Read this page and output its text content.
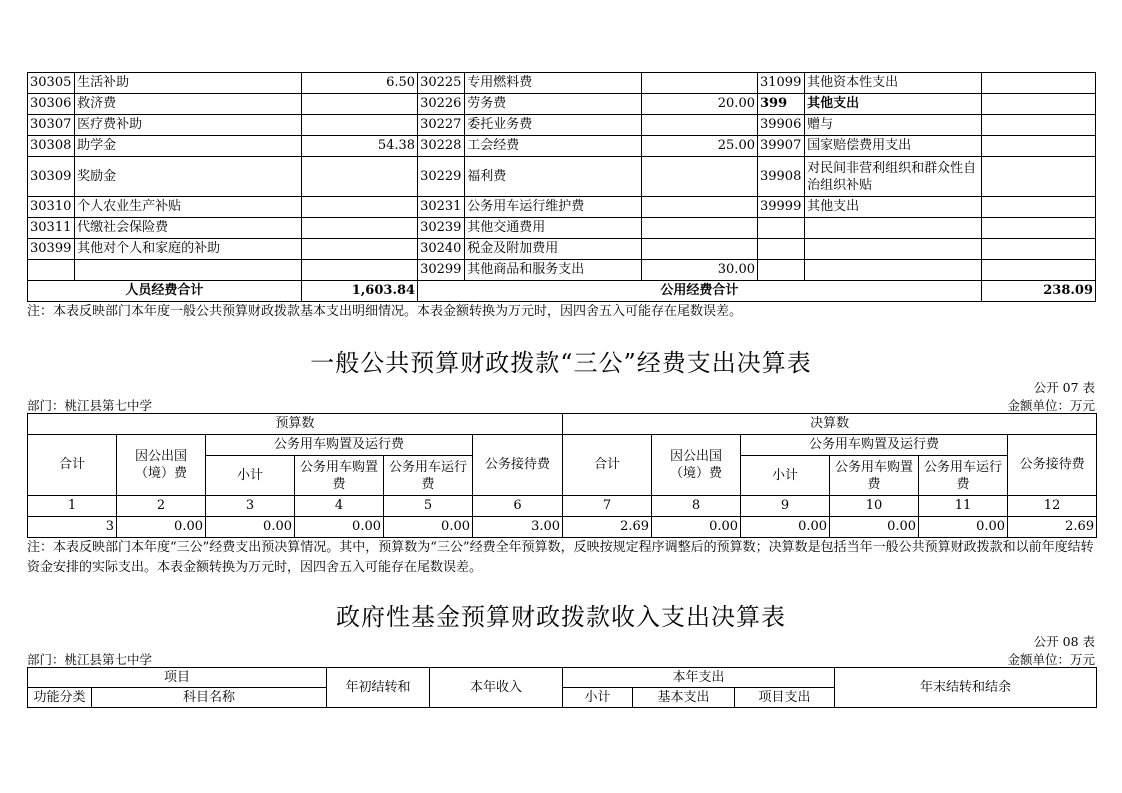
30305	生活补助	6.50	30225	专用燃料费		31099	其他资本性支出	
30306	救济费		30226	劳务费	20.00	399	其他支出	
30307	医疗费补助		30227	委托业务费		39906	赠与	
30308	助学金	54.38	30228	工会经费	25.00	39907	国家赔偿费用支出	
30309	奖励金		30229	福利费		39908	对民间非营利组织和群众性自治组织补贴	
30310	个人农业生产补贴		30231	公务用车运行维护费		39999	其他支出	
30311	代缴社会保险费		30239	其他交通费用				
30399	其他对个人和家庭的补助		30240	税金及附加费用				
			30299	其他商品和服务支出	30.00			
人员经费合计		1,603.84	公用经费合计					238.09
注：本表反映部门本年度一般公共预算财政拨款基本支出明细情况。本表金额转换为万元时，因四舍五入可能存在尾数误差。
一般公共预算财政拨款“三公”经费支出决算表
公开 07 表
部门：桃江县第七中学	金额单位：万元
预算数						决算数					
合计	因公出国（境）费	公务用车购置及运行费			公务接待费	合计	因公出国（境）费	公务用车购置及运行费			公务接待费
		小计	公务用车购置费	公务用车运行费				小计	公务用车购置费	公务用车运行费	
1	2	3	4	5	6	7	8	9	10	11	12
3	0.00	0.00	0.00	0.00	3.00	2.69	0.00	0.00	0.00	0.00	2.69
注：本表反映部门本年度“三公”经费支出预决算情况。其中，预算数为“三公”经费全年预算数，反映按规定程序调整后的预算数；决算数是包括当年一般公共预算财政拨款和以前年度结转资金安排的实际支出。本表金额转换为万元时，因四舍五入可能存在尾数误差。
政府性基金预算财政拨款收入支出决算表
公开 08 表
部门：桃江县第七中学	金额单位：万元
项目		年初结转和	本年收入	本年支出			年末结转和结余
功能分类	科目名称			小计	基本支出	项目支出	
